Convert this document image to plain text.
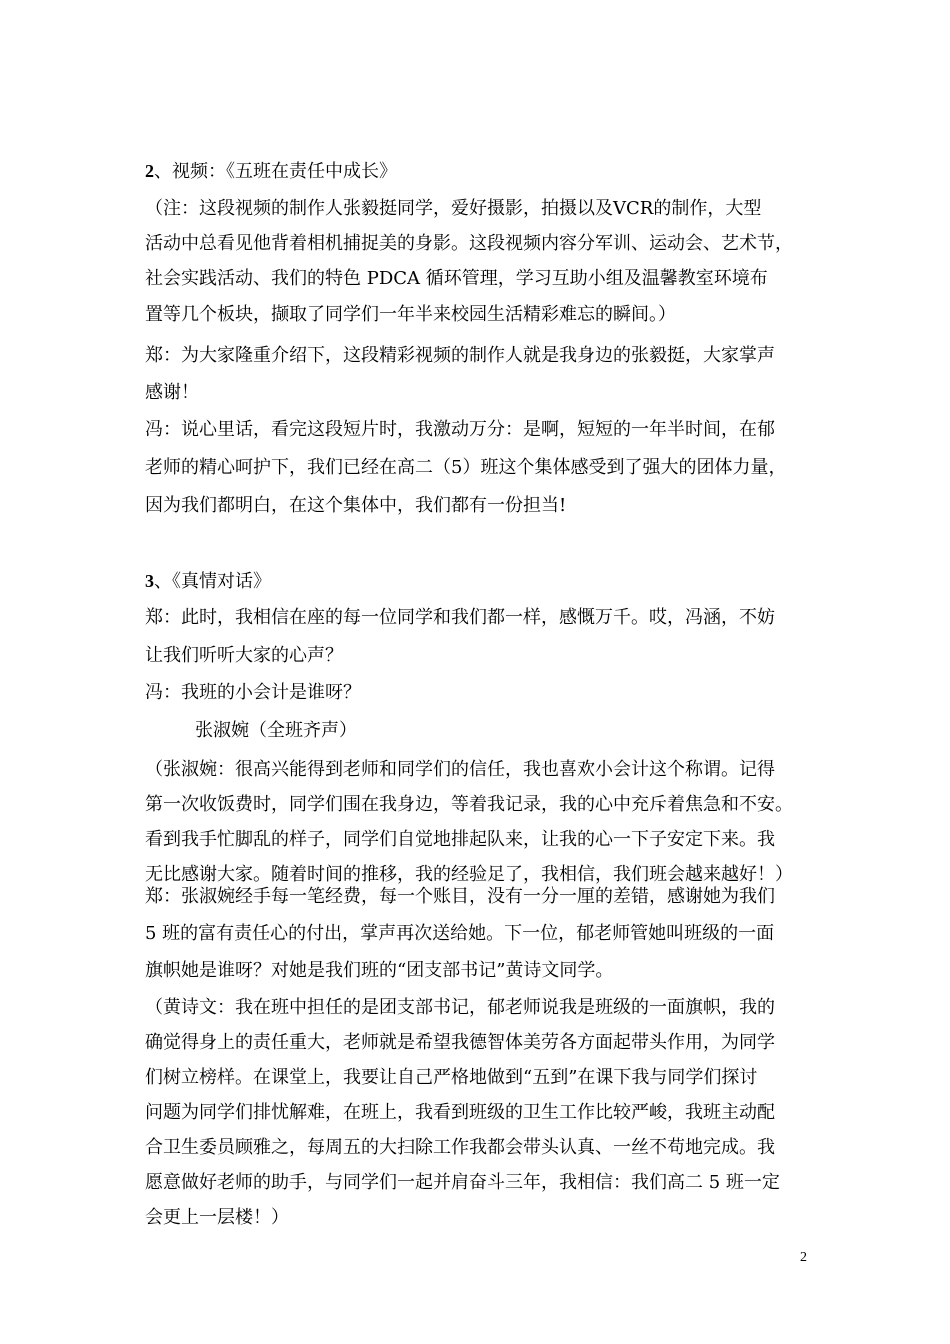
2、视频：《五班在责任中成长》
（注：这段视频的制作人张毅挺同学，爱好摄影，拍摄以及VCR的制作，大型
活动中总看见他背着相机捕捉美的身影。这段视频内容分军训、运动会、艺术节，
社会实践活动、我们的特色 PDCA 循环管理，学习互助小组及温馨教室环境布
置等几个板块，撷取了同学们一年半来校园生活精彩难忘的瞬间。）
郑：为大家隆重介绍下，这段精彩视频的制作人就是我身边的张毅挺，大家掌声
感谢！
冯：说心里话，看完这段短片时，我激动万分：是啊，短短的一年半时间，在郁
老师的精心呵护下，我们已经在高二（5）班这个集体感受到了强大的团体力量，
因为我们都明白，在这个集体中，我们都有一份担当!
3、《真情对话》
郑：此时，我相信在座的每一位同学和我们都一样，感慨万千。哎，冯涵，不妨
让我们听听大家的心声？
冯：我班的小会计是谁呀？
张淑婉（全班齐声）
（张淑婉：很高兴能得到老师和同学们的信任，我也喜欢小会计这个称谓。记得
第一次收饭费时，同学们围在我身边，等着我记录，我的心中充斥着焦急和不安。
看到我手忙脚乱的样子，同学们自觉地排起队来，让我的心一下子安定下来。我
无比感谢大家。随着时间的推移，我的经验足了，我相信，我们班会越来越好！）
郑：张淑婉经手每一笔经费，每一个账目，没有一分一厘的差错，感谢她为我们
5 班的富有责任心的付出，掌声再次送给她。下一位，郁老师管她叫班级的一面
旗帜她是谁呀？对她是我们班的“团支部书记”黄诗文同学。
（黄诗文：我在班中担任的是团支部书记，郁老师说我是班级的一面旗帜，我的
确觉得身上的责任重大，老师就是希望我德智体美劳各方面起带头作用，为同学
们树立榜样。在课堂上，我要让自己严格地做到“五到”在课下我与同学们探讨
问题为同学们排忧解难，在班上，我看到班级的卫生工作比较严峻，我班主动配
合卫生委员顾雅之，每周五的大扫除工作我都会带头认真、一丝不苟地完成。我
愿意做好老师的助手，与同学们一起并肩奋斗三年，我相信：我们高二 5 班一定
会更上一层楼！）
2
